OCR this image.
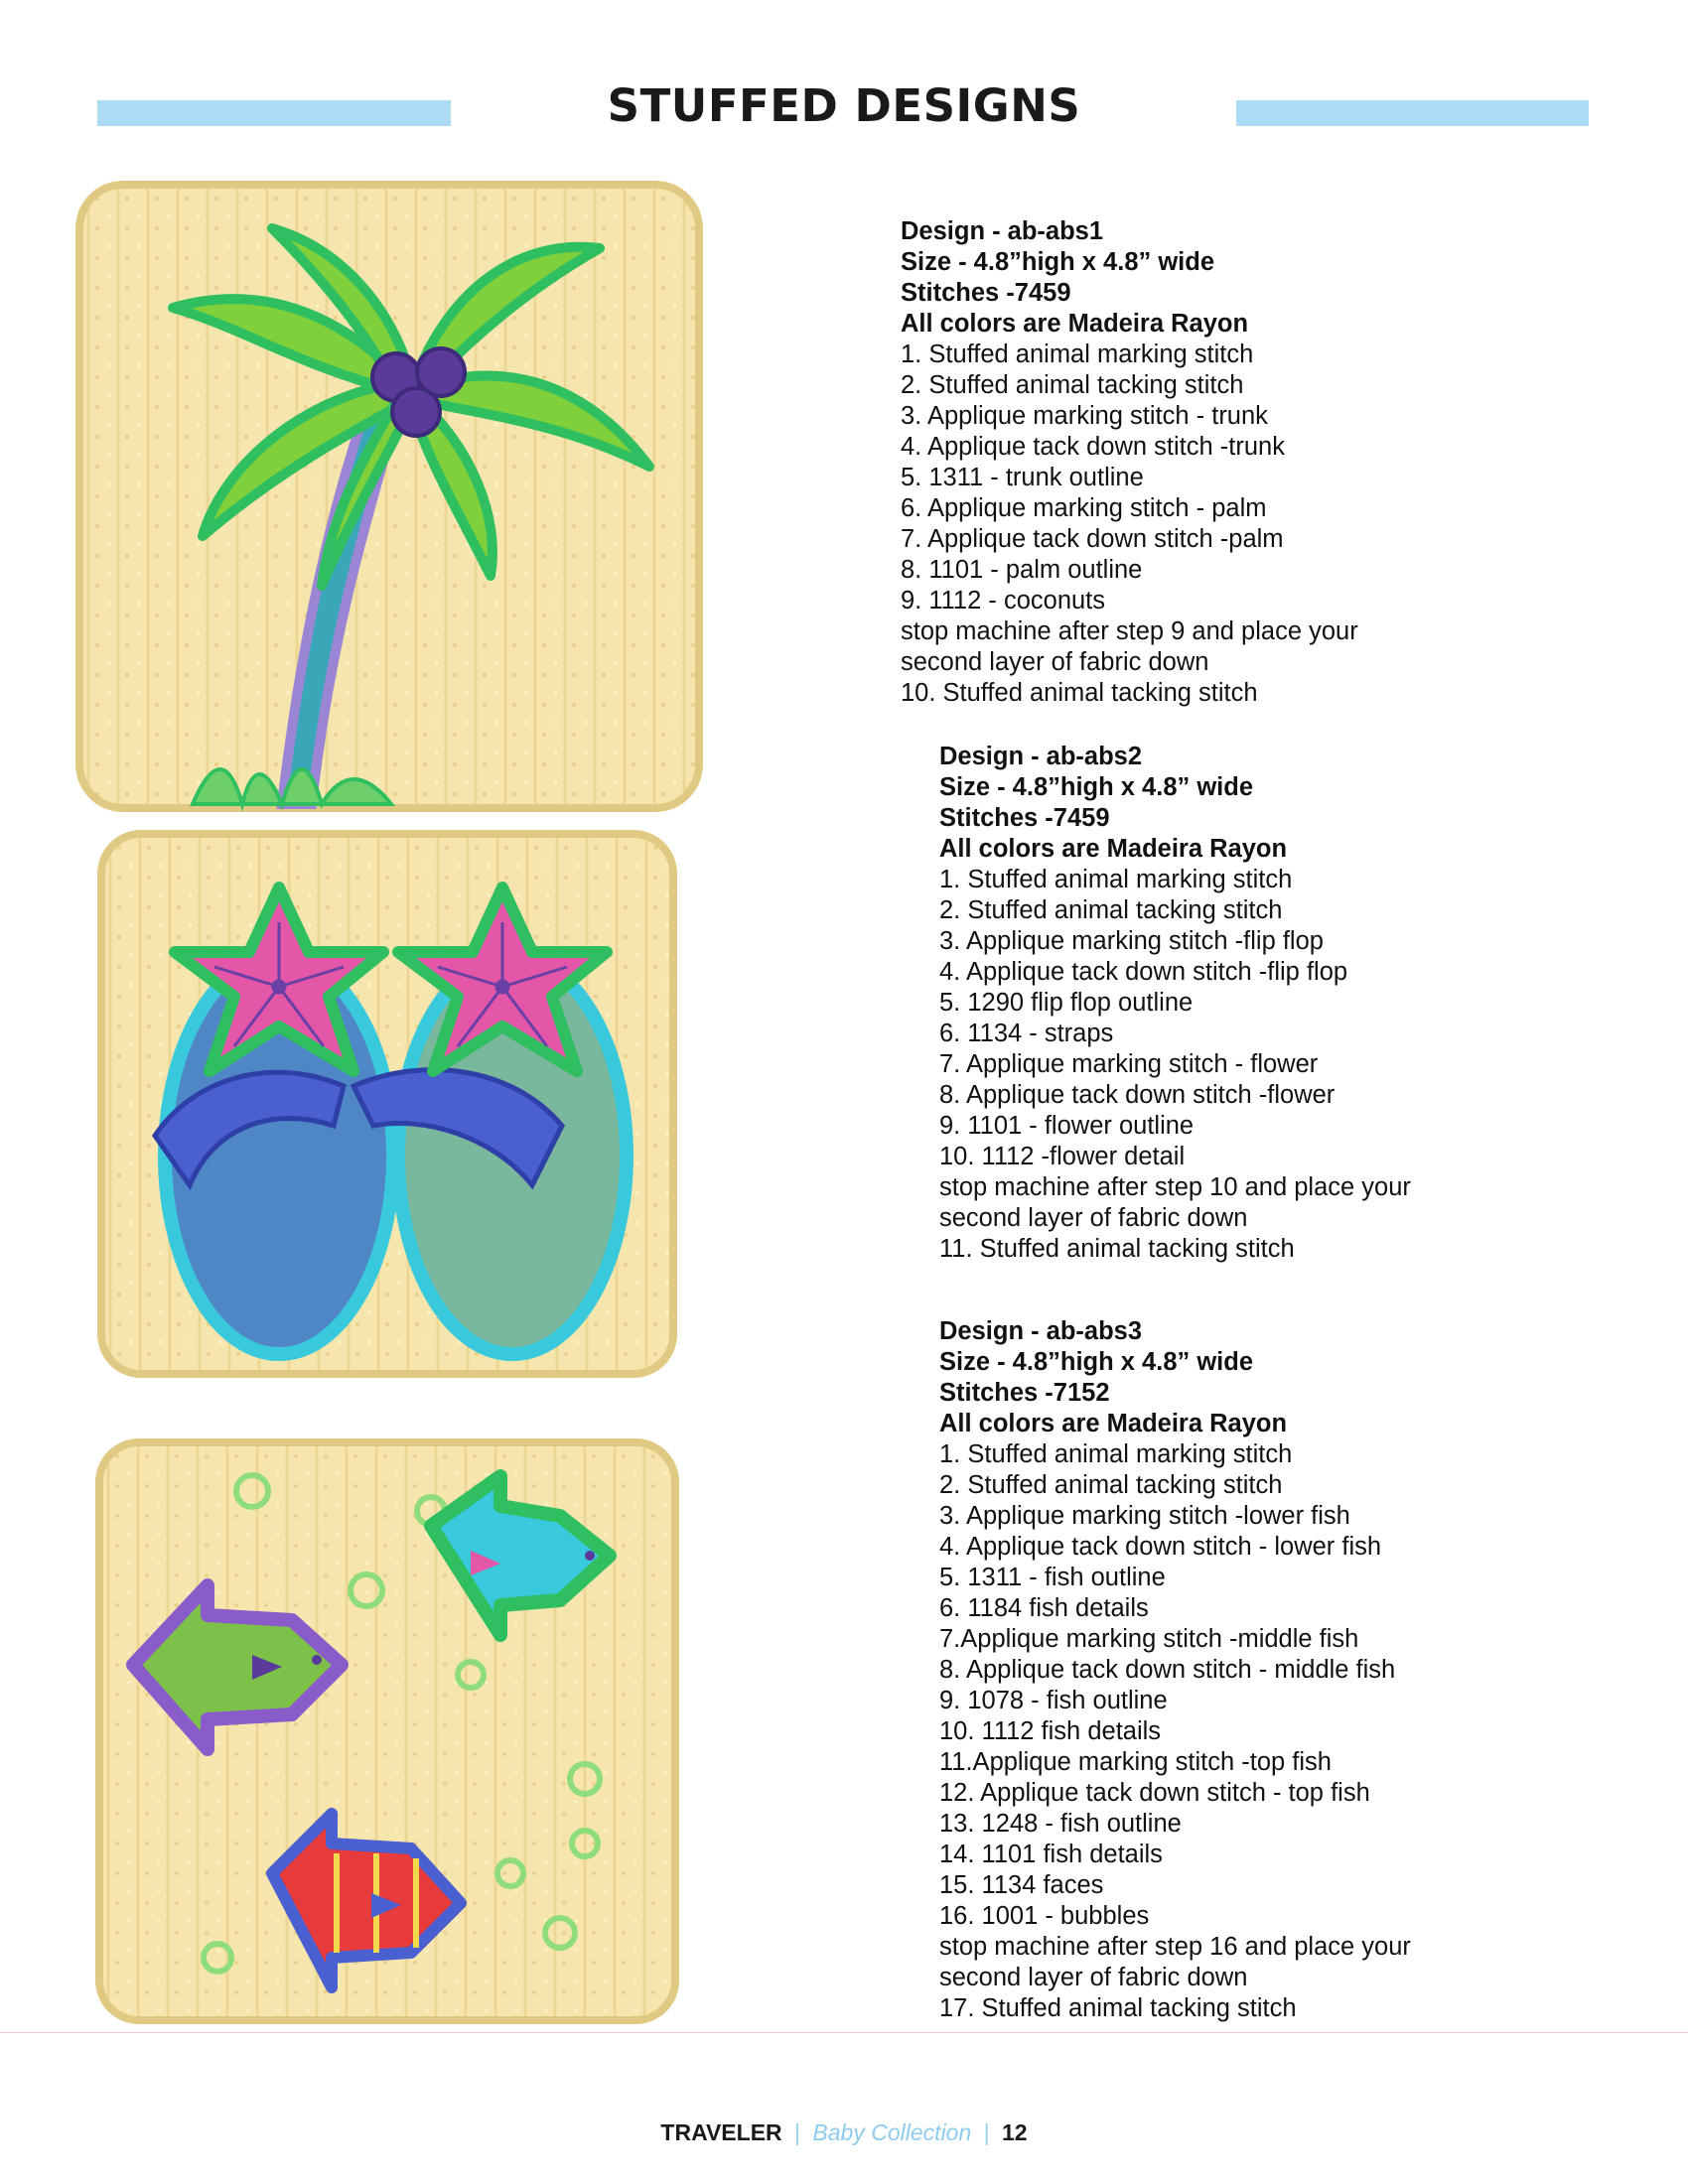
STUFFED DESIGNS
Design - ab-abs1
Size - 4.8”high x 4.8” wide
Stitches -7459
All colors are Madeira Rayon
1. Stuffed animal marking stitch
2. Stuffed animal tacking stitch
3. Applique marking stitch - trunk
4. Applique tack down stitch -trunk
5. 1311 - trunk outline
6. Applique marking stitch - palm
7. Applique tack down stitch -palm
8. 1101 - palm outline
9. 1112 - coconuts
stop machine after step 9 and place your
second layer of fabric down
10. Stuffed animal tacking stitch
Design - ab-abs2
Size - 4.8”high x 4.8” wide
Stitches -7459
All colors are Madeira Rayon
1. Stuffed animal marking stitch
2. Stuffed animal tacking stitch
3. Applique marking stitch -flip flop
4. Applique tack down stitch -flip flop
5. 1290 flip flop outline
6. 1134 - straps
7. Applique marking stitch - flower
8. Applique tack down stitch -flower
9. 1101 - flower outline
10. 1112 -flower detail
stop machine after step 10 and place your
second layer of fabric down
11. Stuffed animal tacking stitch
Design - ab-abs3
Size - 4.8”high x 4.8” wide
Stitches -7152
All colors are Madeira Rayon
1. Stuffed animal marking stitch
2. Stuffed animal tacking stitch
3. Applique marking stitch -lower fish
4. Applique tack down stitch - lower fish
5. 1311 - fish outline
6. 1184 fish details
7.Applique marking stitch -middle fish
8. Applique tack down stitch - middle fish
9. 1078 - fish outline
10. 1112 fish details
11.Applique marking stitch -top fish
12. Applique tack down stitch - top fish
13. 1248 - fish outline
14. 1101 fish details
15. 1134 faces
16. 1001 - bubbles
stop machine after step 16 and place your
second layer of fabric down
17. Stuffed animal tacking stitch
TRAVELER | Baby Collection | 12
